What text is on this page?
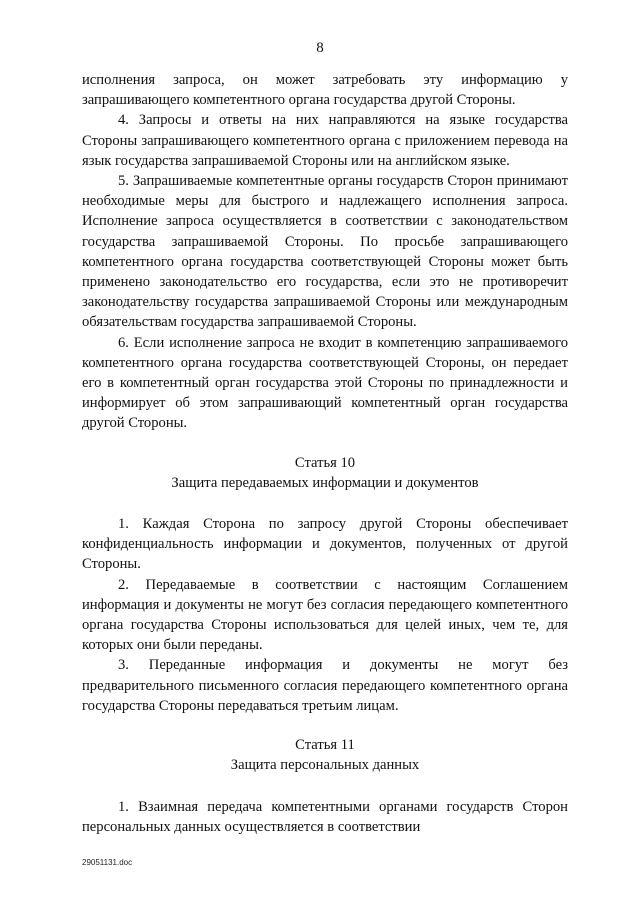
8

исполнения запроса, он может затребовать эту информацию у запрашивающего компетентного органа государства другой Стороны.

4. Запросы и ответы на них направляются на языке государства Стороны запрашивающего компетентного органа с приложением перевода на язык государства запрашиваемой Стороны или на английском языке.

5. Запрашиваемые компетентные органы государств Сторон принимают необходимые меры для быстрого и надлежащего исполнения запроса. Исполнение запроса осуществляется в соответствии с законодательством государства запрашиваемой Стороны. По просьбе запрашивающего компетентного органа государства соответствующей Стороны может быть применено законодательство его государства, если это не противоречит законодательству государства запрашиваемой Стороны или международным обязательствам государства запрашиваемой Стороны.

6. Если исполнение запроса не входит в компетенцию запрашиваемого компетентного органа государства соответствующей Стороны, он передает его в компетентный орган государства этой Стороны по принадлежности и информирует об этом запрашивающий компетентный орган государства другой Стороны.

Статья 10

Защита передаваемых информации и документов

1. Каждая Сторона по запросу другой Стороны обеспечивает конфиденциальность информации и документов, полученных от другой Стороны.

2. Передаваемые в соответствии с настоящим Соглашением информация и документы не могут без согласия передающего компетентного органа государства Стороны использоваться для целей иных, чем те, для которых они были переданы.

3. Переданные информация и документы не могут без предварительного письменного согласия передающего компетентного органа государства Стороны передаваться третьим лицам.

Статья 11

Защита персональных данных

1. Взаимная передача компетентными органами государств Сторон персональных данных осуществляется в соответствии

29051131.doc
